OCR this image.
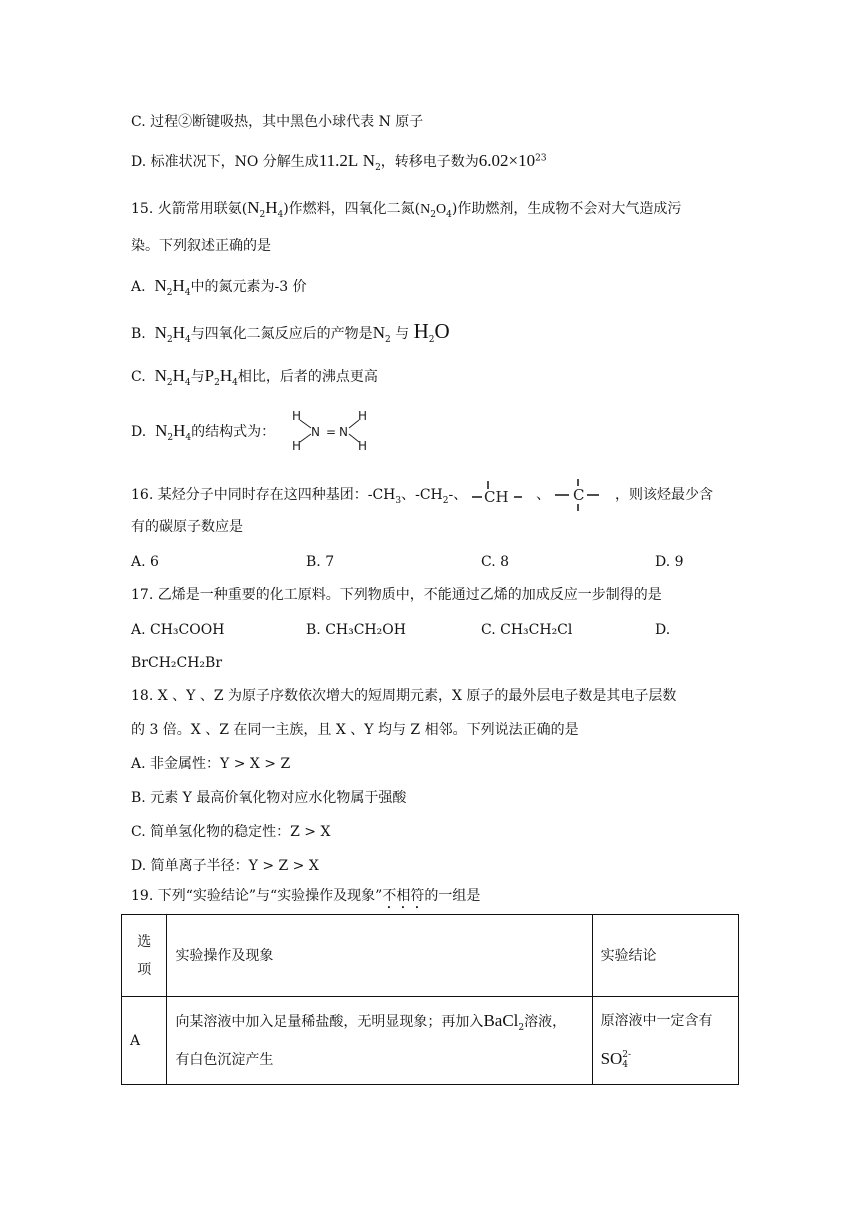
C. 过程②断键吸热，其中黑色小球代表 N 原子
D. 标准状况下，NO 分解生成11.2L $N_2$，转移电子数为$6.02\times 10^{23}$
15. 火箭常用联氨$(N_2H_4)$作燃料，四氧化二氮$(N_2O_4)$作助燃剂，生成物不会对大气造成污
染。下列叙述正确的是
A. $N_2H_4$中的氮元素为-3 价
B. $N_2H_4$与四氧化二氮反应后的产物是$N_2$ 与 $H_2O$
C. $N_2H_4$与$P_2H_4$相比，后者的沸点更高
D. $N_2H_4$的结构式为：
H
H
N = N
H
H
16. 某烃分子中同时存在这四种基团：$-CH_3$、$-CH_2-$、 CH 、 C ，则该烃最少含
有的碳原子数应是
A. 6	B. 7	C. 8	D. 9
17. 乙烯是一种重要的化工原料。下列物质中，不能通过乙烯的加成反应一步制得的是
A. CH₃COOH	B. CH₃CH₂OH	C. CH₃CH₂Cl	D.
BrCH₂CH₂Br
18. X 、Y 、Z 为原子序数依次增大的短周期元素，X 原子的最外层电子数是其电子层数
的 3 倍。X 、Z 在同一主族，且 X 、Y 均与 Z 相邻。下列说法正确的是
A. 非金属性：Y > X > Z
B. 元素 Y 最高价氧化物对应水化物属于强酸
C. 简单氢化物的稳定性：Z > X
D. 简单离子半径：Y > Z > X
19. 下列“实验结论”与“实验操作及现象”不相符的一组是
选
项	实验操作及现象	实验结论
A	向某溶液中加入足量稀盐酸，无明显现象；再加入BaCl$_2$溶液，
有白色沉淀产生	原溶液中一定含有
SO2-
4
